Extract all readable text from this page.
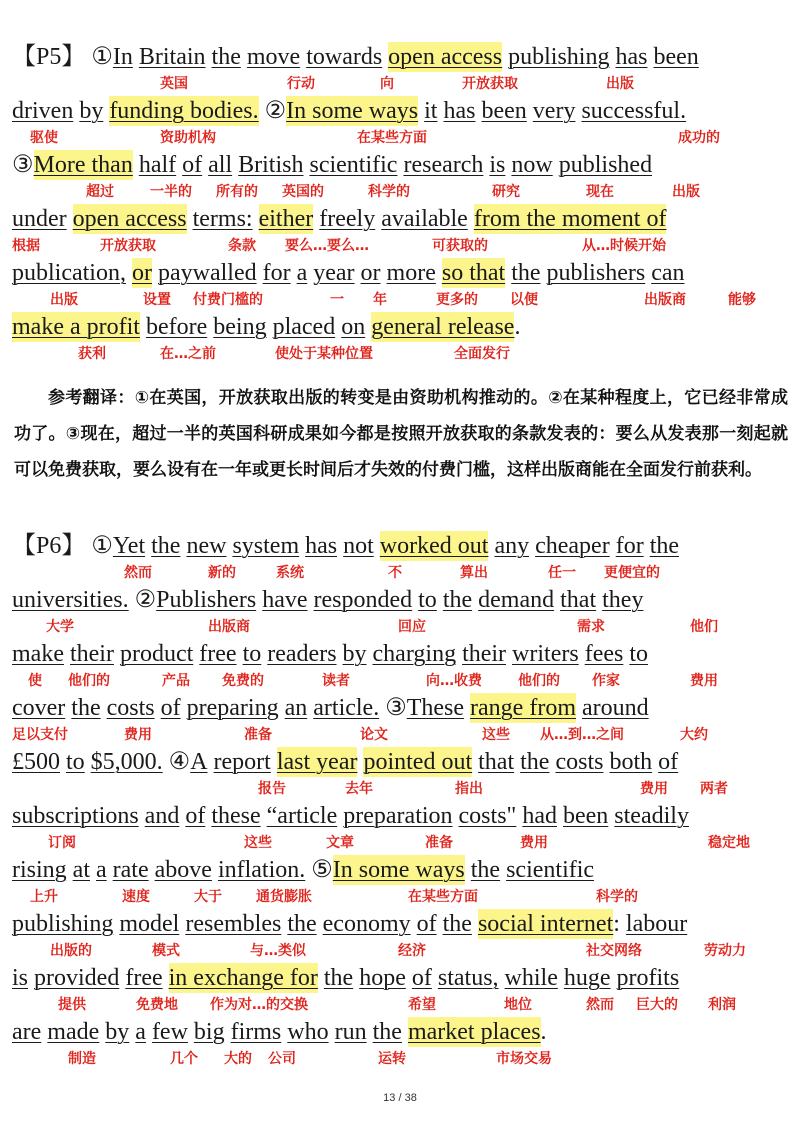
【P5】 ①In Britain the move towards open access publishing has been
英国	行动	向	开放获取	出版
driven by funding bodies. ②In some ways it has been very successful.
驱使	资助机构	在某些方面	成功的
③More than half of all British scientific research is now published
超过	一半的 所有的 英国的	科学的	研究	现在	出版
under open access terms: either freely available from the moment of
根据	开放获取	条款 要么…要么…	可获取的	从…时候开始
publication, or paywalled for a year or more so that the publishers can
出版	设置 付费门槛的	一 年	更多的 以便	出版商	能够
make a profit before being placed on general release.
获利	在…之前	使处于某种位置	全面发行
参考翻译：①在英国，开放获取出版的转变是由资助机构推动的。②在某种程度上，它已经非常成功了。③现在，超过一半的英国科研成果如今都是按照开放获取的条款发表的：要么从发表那一刻起就可以免费获取，要么设有在一年或更长时间后才失效的付费门槛，这样出版商能在全面发行前获利。
【P6】 ①Yet the new system has not worked out any cheaper for the
然而	新的	系统	不	算出	任一 更便宜的
universities. ②Publishers have responded to the demand that they
大学	出版商	回应	需求	他们
make their product free to readers by charging their writers fees to
使 他们的	产品 免费的	读者	向…收费	他们的 作家	费用
cover the costs of preparing an article. ③These range from around
足以支付	费用	准备	论文	这些 从…到…之间	大约
£500 to $5,000. ④A report last year pointed out that the costs both of
报告	去年	指出	费用 两者
subscriptions and of these “article preparation costs" had been steadily
订阅	这些	文章	准备	费用	稳定地
rising at a rate above inflation. ⑤In some ways the scientific
上升	速度	大于 通货膨胀	在某些方面	科学的
publishing model resembles the economy of the social internet: labour
出版的	模式	与…类似	经济	社交网络	劳动力
is provided free in exchange for the hope of status, while huge profits
提供	免费地 作为对…的交换	希望	地位	然而 巨大的 利润
are made by a few big firms who run the market places.
制造	几个 大的 公司	运转	市场交易
13 / 38
